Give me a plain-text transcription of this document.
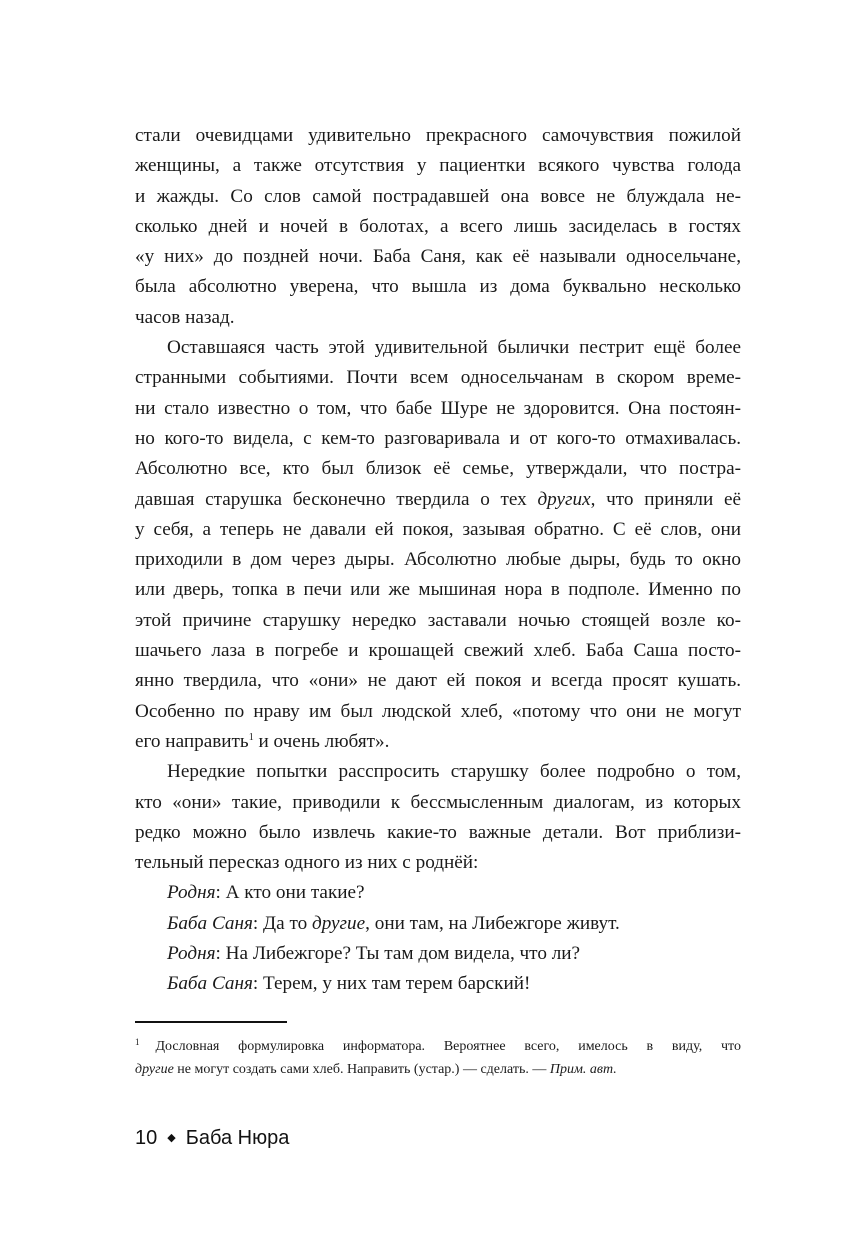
стали очевидцами удивительно прекрасного самочувствия пожилой
женщины, а также отсутствия у пациентки всякого чувства голода
и жажды. Со слов самой пострадавшей она вовсе не блуждала не-
сколько дней и ночей в болотах, а всего лишь засиделась в гостях
«у них» до поздней ночи. Баба Саня, как её называли односельчане,
была абсолютно уверена, что вышла из дома буквально несколько
часов назад.
Оставшаяся часть этой удивительной былички пестрит ещё более
странными событиями. Почти всем односельчанам в скором време-
ни стало известно о том, что бабе Шуре не здоровится. Она постоян-
но кого-то видела, с кем-то разговаривала и от кого-то отмахивалась.
Абсолютно все, кто был близок её семье, утверждали, что постра-
давшая старушка бесконечно твердила о тех других, что приняли её
у себя, а теперь не давали ей покоя, зазывая обратно. С её слов, они
приходили в дом через дыры. Абсолютно любые дыры, будь то окно
или дверь, топка в печи или же мышиная нора в подполе. Именно по
этой причине старушку нередко заставали ночью стоящей возле ко-
шачьего лаза в погребе и крошащей свежий хлеб. Баба Саша посто-
янно твердила, что «они» не дают ей покоя и всегда просят кушать.
Особенно по нраву им был людской хлеб, «потому что они не могут
его направить$^1$ и очень любят».
Нередкие попытки расспросить старушку более подробно о том,
кто «они» такие, приводили к бессмысленным диалогам, из которых
редко можно было извлечь какие-то важные детали. Вот приблизи-
тельный пересказ одного из них с роднёй:
Родня: А кто они такие?
Баба Саня: Да то другие, они там, на Либежгоре живут.
Родня: На Либежгоре? Ты там дом видела, что ли?
Баба Саня: Терем, у них там терем барский!
$^1$ Дословная формулировка информатора. Вероятнее всего, имелось в виду, что
другие не могут создать сами хлеб. Направить (устар.) — сделать. — Прим. авт.
10 ◆ Баба Нюра
